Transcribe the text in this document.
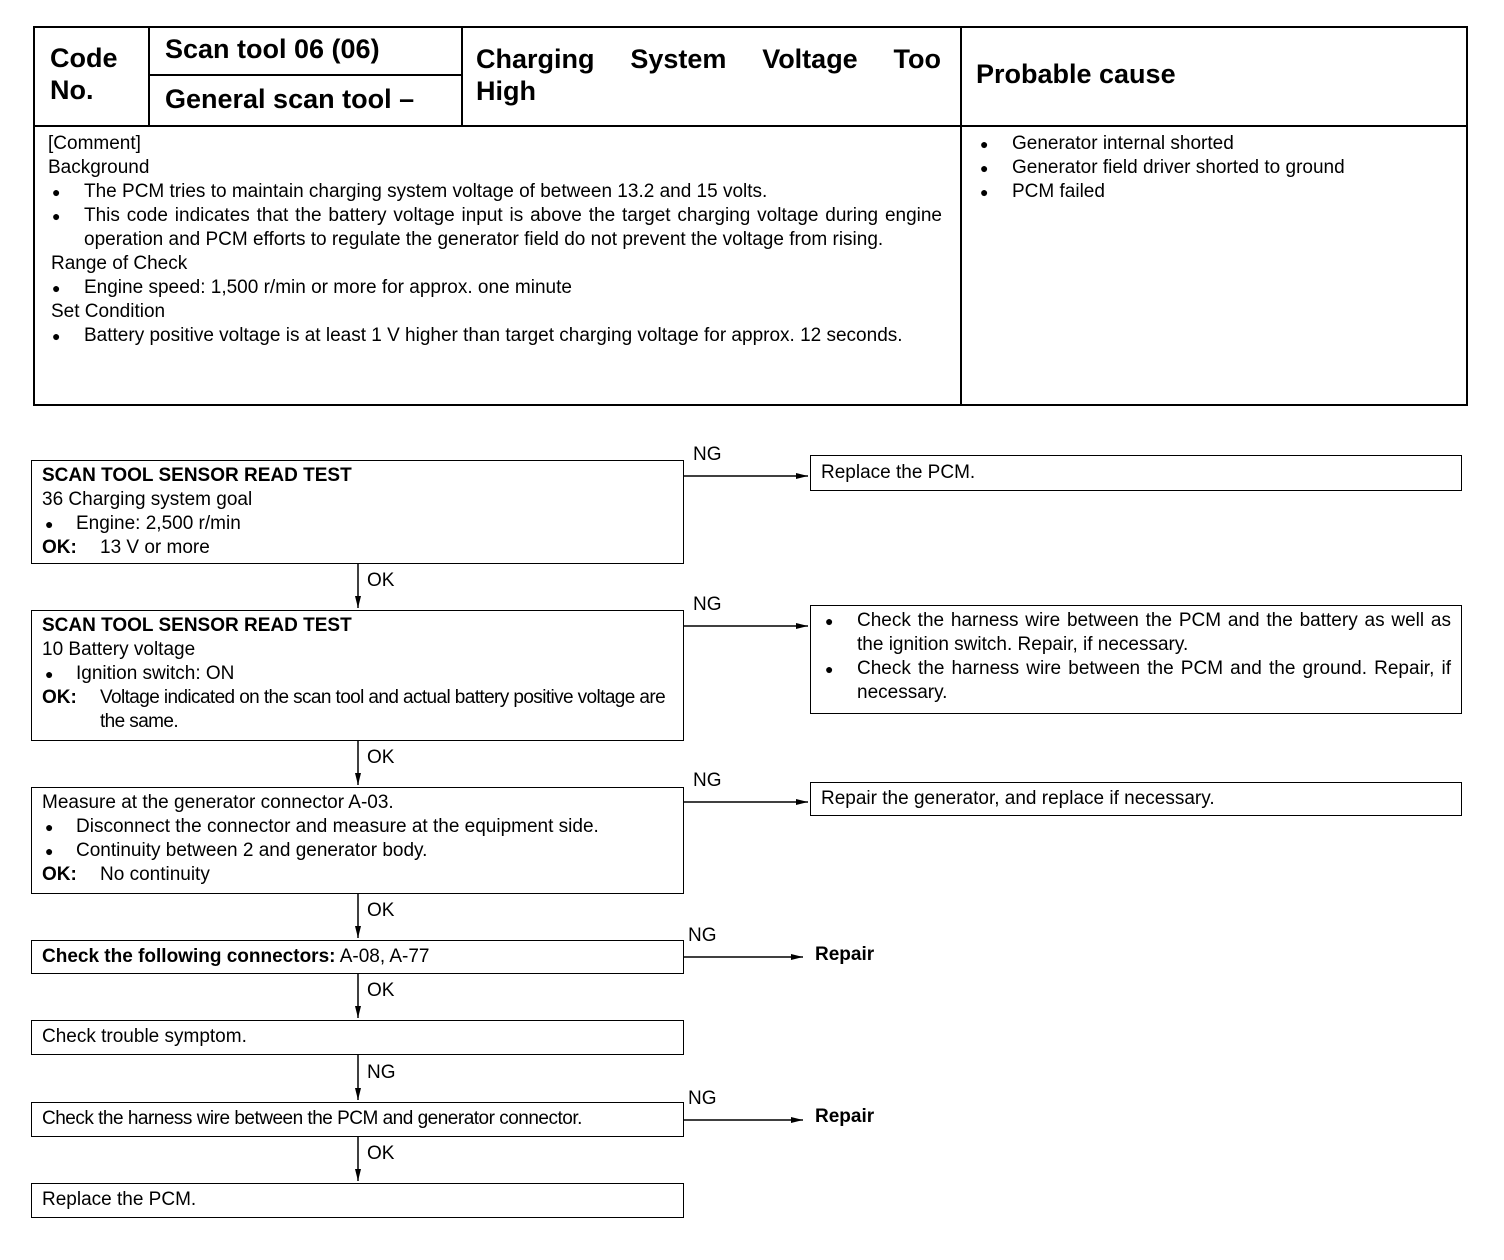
Code No.
Scan tool 06 (06)
General scan tool –
Charging System Voltage Too
High
Probable cause
[Comment]
Background
● The PCM tries to maintain charging system voltage of between 13.2 and 15 volts.
● This code indicates that the battery voltage input is above the target charging voltage during engine operation and PCM efforts to regulate the generator field do not prevent the voltage from rising.
Range of Check
● Engine speed: 1,500 r/min or more for approx. one minute
Set Condition
● Battery positive voltage is at least 1 V higher than target charging voltage for approx. 12 seconds.
● Generator internal shorted
● Generator field driver shorted to ground
● PCM failed
NG
NG
NG
NG
NG
OK
OK
OK
OK
NG
OK
SCAN TOOL SENSOR READ TEST
36 Charging system goal
● Engine: 2,500 r/min
OK:	13 V or more
Replace the PCM.
SCAN TOOL SENSOR READ TEST
10 Battery voltage
● Ignition switch: ON
OK:	Voltage indicated on the scan tool and actual battery positive voltage are the same.
● Check the harness wire between the PCM and the battery as well as the ignition switch. Repair, if necessary.
● Check the harness wire between the PCM and the ground. Repair, if necessary.
Measure at the generator connector A-03.
● Disconnect the connector and measure at the equipment side.
● Continuity between 2 and generator body.
OK:	No continuity
Repair the generator, and replace if necessary.
Check the following connectors: A-08, A-77	Repair
Check trouble symptom.
Check the harness wire between the PCM and generator connector.	Repair
Replace the PCM.
